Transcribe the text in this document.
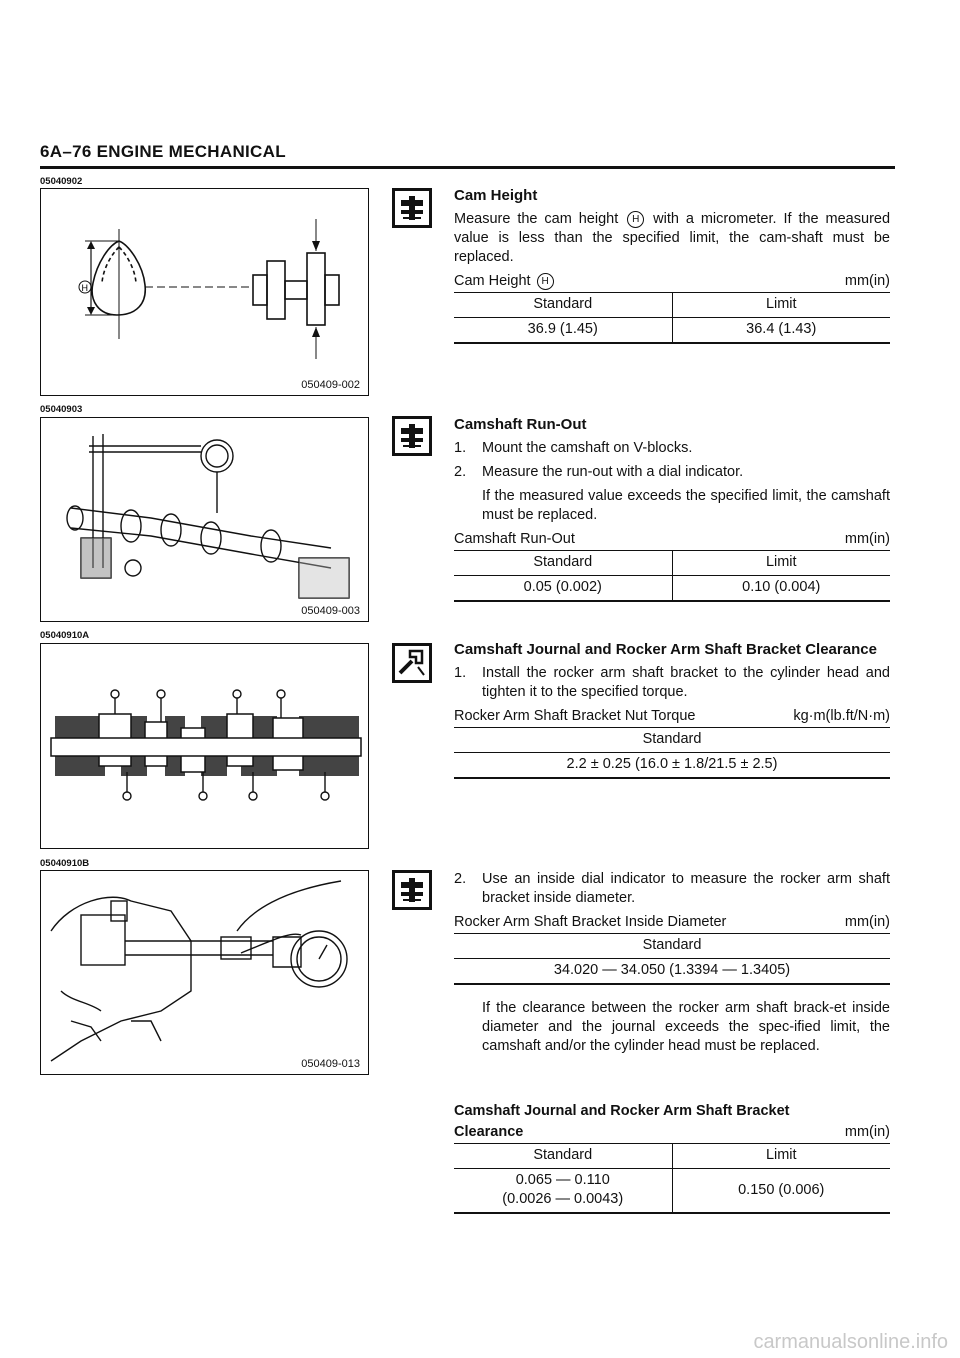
6A–76 ENGINE MECHANICAL
05040902
H
050409-002
05040903
050409-003
05040910A
05040910B
050409-013
Cam Height

Measure the cam height H with a micrometer. If the measured value is less than the specified limit, the cam-shaft must be replaced.

Cam Height H	mm(in)
Standard	Limit
36.9 (1.45)	36.4 (1.43)
Camshaft Run-Out
1. Mount the camshaft on V-blocks.
2. Measure the run-out with a dial indicator.

If the measured value exceeds the specified limit, the camshaft must be replaced.

Camshaft Run-Out	mm(in)
Standard	Limit
0.05 (0.002)	0.10 (0.004)
Camshaft Journal and Rocker Arm Shaft Bracket Clearance
1. Install the rocker arm shaft bracket to the cylinder head and tighten it to the specified torque.
Rocker Arm Shaft Bracket Nut Torque	kg·m(lb.ft/N·m)
Standard
2.2 ± 0.25 (16.0 ± 1.8/21.5 ± 2.5)
2. Use an inside dial indicator to measure the rocker arm shaft bracket inside diameter.
Rocker Arm Shaft Bracket Inside Diameter	mm(in)
Standard
34.020 — 34.050 (1.3394 — 1.3405)

If the clearance between the rocker arm shaft brack-et inside diameter and the journal exceeds the spec-ified limit, the camshaft and/or the cylinder head must be replaced.

Camshaft Journal and Rocker Arm Shaft Bracket
Clearance	mm(in)
Standard	Limit

0.065 — 0.110
(0.0026 — 0.0043)	0.150 (0.006)
carmanualsonline.info
